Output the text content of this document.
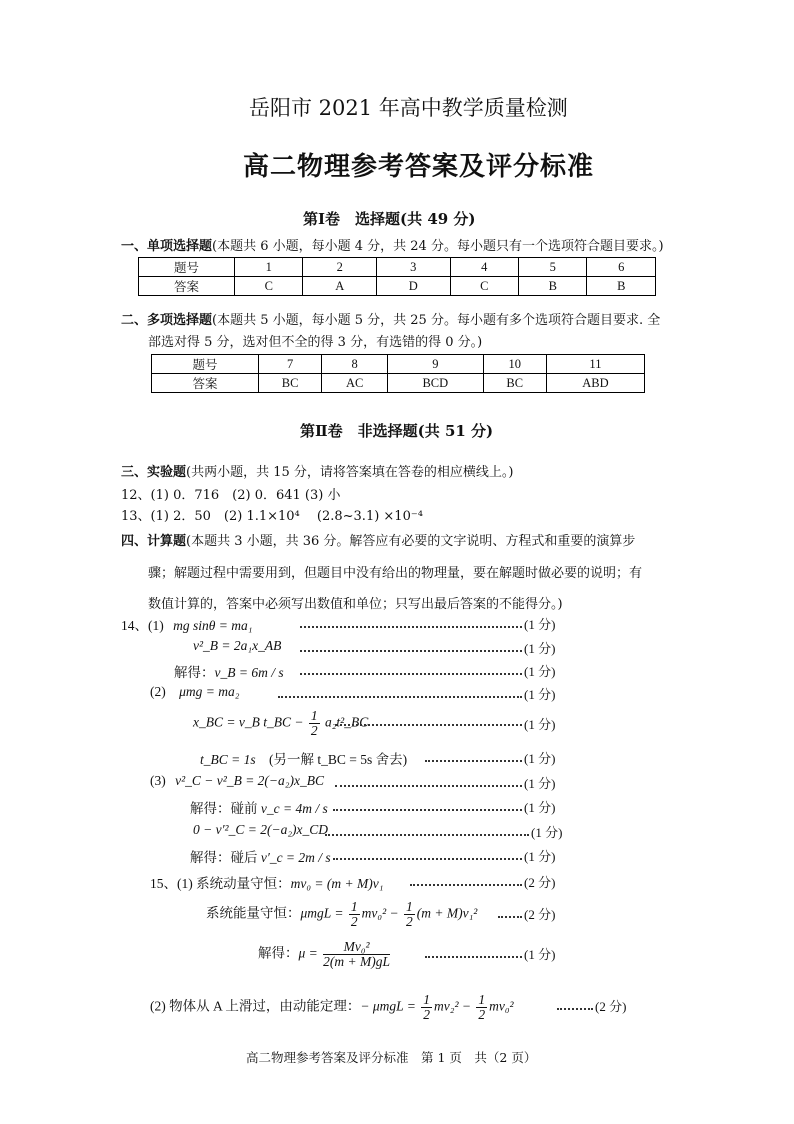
岳阳市 2021 年高中教学质量检测
高二物理参考答案及评分标准
第Ⅰ卷　选择题(共 49 分)
一、单项选择题(本题共 6 小题，每小题 4 分，共 24 分。每小题只有一个选项符合题目要求。)
题号	1	2	3	4	5	6
答案	C	A	D	C	B	B
二、多项选择题(本题共 5 小题，每小题 5 分，共 25 分。每小题有多个选项符合题目要求. 全
部选对得 5 分，选对但不全的得 3 分，有选错的得 0 分。)
题号	7	8	9	10	11
答案	BC	AC	BCD	BC	ABD
第Ⅱ卷　非选择题(共 51 分)
三、实验题(共两小题，共 15 分，请将答案填在答卷的相应横线上。)
12、(1) 0．716　(2) 0．641 (3) 小
13、(1) 2．50　(2) 1.1×10⁴　 (2.8~3.1) ×10⁻⁴
四、计算题(本题共 3 小题，共 36 分。解答应有必要的文字说明、方程式和重要的演算步
骤；解题过程中需要用到，但题目中没有给出的物理量，要在解题时做必要的说明；有
数值计算的，答案中必须写出数值和单位；只写出最后答案的不能得分。)
14、(1) mg sinθ = ma₁	(1 分)
v²_B = 2a₁x_AB	(1 分)
解得：v_B = 6m / s	(1 分)
(2) μmg = ma₂	(1 分)
x_BC = v_B t_BC − $\frac{1}{2}$ a₂t²_BC	(1 分)
t_BC = 1s (另一解 t_BC = 5s 舍去)	(1 分)
(3) v²_C − v²_B = 2(−a₂)x_BC	(1 分)
解得：碰前 v_c = 4m / s	(1 分)
0 − v′²_C = 2(−a₂)x_CD	(1 分)
解得：碰后 v′_c = 2m / s	(1 分)
15、(1) 系统动量守恒：mv₀ = (m + M)v₁	(2 分)
系统能量守恒：$\mu mgL = \frac{1}{2} mv_0^2 - \frac{1}{2} (m + M)v_1^2$	(2 分)
解得：$\mu = \frac{\text{Mv₀²}}{2(m + M)gL}$	(1 分)
(2) 物体从 A 上滑过，由动能定理：− $\mu mgL = \frac{1}{2} mv_2^2 - \frac{1}{2} mv_0^2$	(2 分)
高二物理参考答案及评分标准　第 1 页　共（2 页）
